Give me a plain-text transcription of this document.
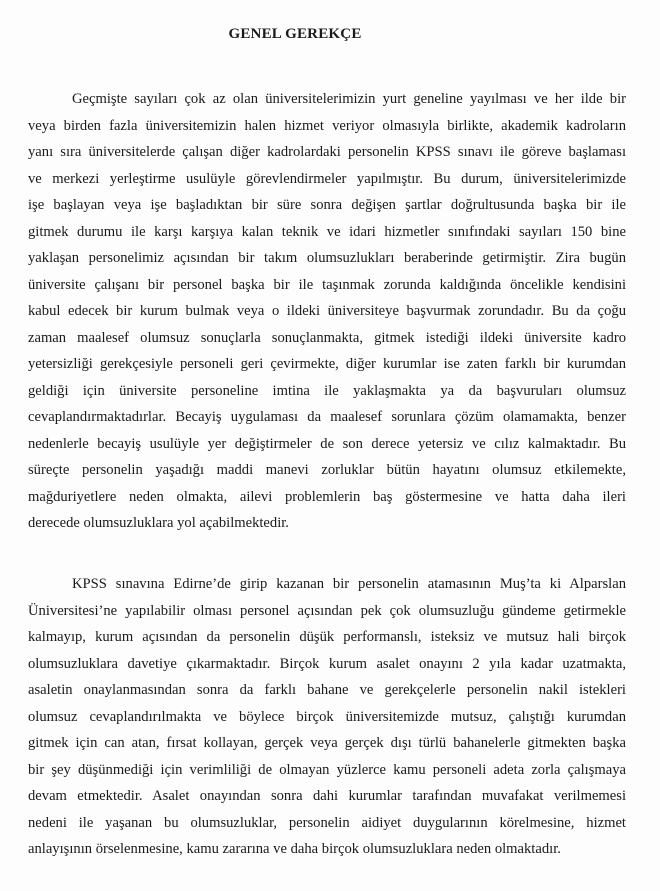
GENEL GEREKÇE
Geçmişte sayıları çok az olan üniversitelerimizin yurt geneline yayılması ve her ilde bir
veya birden fazla üniversitemizin halen hizmet veriyor olmasıyla birlikte, akademik kadroların
yanı sıra üniversitelerde çalışan diğer kadrolardaki personelin KPSS sınavı ile göreve başlaması
ve merkezi yerleştirme usulüyle görevlendirmeler yapılmıştır. Bu durum, üniversitelerimizde
işe başlayan veya işe başladıktan bir süre sonra değişen şartlar doğrultusunda başka bir ile
gitmek durumu ile karşı karşıya kalan teknik ve idari hizmetler sınıfındaki sayıları 150 bine
yaklaşan personelimiz açısından bir takım olumsuzlukları beraberinde getirmiştir. Zira bugün
üniversite çalışanı bir personel başka bir ile taşınmak zorunda kaldığında öncelikle kendisini
kabul edecek bir kurum bulmak veya o ildeki üniversiteye başvurmak zorundadır. Bu da çoğu
zaman maalesef olumsuz sonuçlarla sonuçlanmakta, gitmek istediği ildeki üniversite kadro
yetersizliği gerekçesiyle personeli geri çevirmekte, diğer kurumlar ise zaten farklı bir kurumdan
geldiği için üniversite personeline imtina ile yaklaşmakta ya da başvuruları olumsuz
cevaplandırmaktadırlar. Becayiş uygulaması da maalesef sorunlara çözüm olamamakta, benzer
nedenlerle becayiş usulüyle yer değiştirmeler de son derece yetersiz ve cılız kalmaktadır. Bu
süreçte personelin yaşadığı maddi manevi zorluklar bütün hayatını olumsuz etkilemekte,
mağduriyetlere neden olmakta, ailevi problemlerin baş göstermesine ve hatta daha ileri
derecede olumsuzluklara yol açabilmektedir.
KPSS sınavına Edirne’de girip kazanan bir personelin atamasının Muş’ta ki Alparslan
Üniversitesi’ne yapılabilir olması personel açısından pek çok olumsuzluğu gündeme getirmekle
kalmayıp, kurum açısından da personelin düşük performanslı, isteksiz ve mutsuz hali birçok
olumsuzluklara davetiye çıkarmaktadır. Birçok kurum asalet onayını 2 yıla kadar uzatmakta,
asaletin onaylanmasından sonra da farklı bahane ve gerekçelerle personelin nakil istekleri
olumsuz cevaplandırılmakta ve böylece birçok üniversitemizde mutsuz, çalıştığı kurumdan
gitmek için can atan, fırsat kollayan, gerçek veya gerçek dışı türlü bahanelerle gitmekten başka
bir şey düşünmediği için verimliliği de olmayan yüzlerce kamu personeli adeta zorla çalışmaya
devam etmektedir. Asalet onayından sonra dahi kurumlar tarafından muvafakat verilmemesi
nedeni ile yaşanan bu olumsuzluklar, personelin aidiyet duygularının körelmesine, hizmet
anlayışının örselenmesine, kamu zararına ve daha birçok olumsuzluklara neden olmaktadır.
